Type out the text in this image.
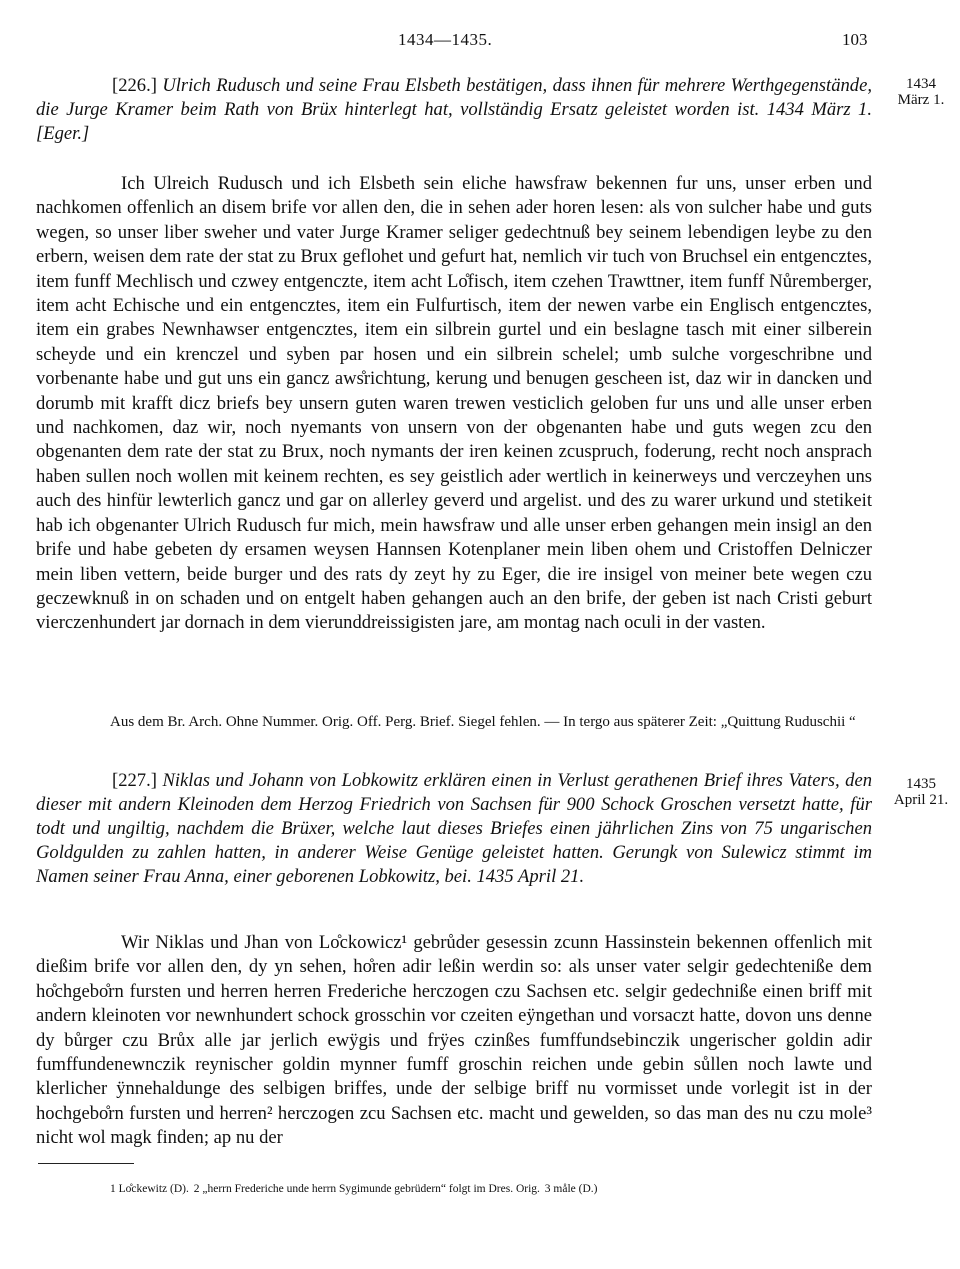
1434—1435.	103
[226.] Ulrich Rudusch und seine Frau Elsbeth bestätigen, dass ihnen für mehrere Werthgegenstände, die Jurge Kramer beim Rath von Brüx hinterlegt hat, vollständig Ersatz geleistet worden ist. 1434 März 1. [Eger.]
1434
März 1.
Ich Ulreich Rudusch und ich Elsbeth sein eliche hawsfraw bekennen fur uns, unser erben und nachkomen offenlich an disem brife vor allen den, die in sehen ader horen lesen: als von sulcher habe und guts wegen, so unser liber sweher und vater Jurge Kramer seliger gedechtnuß bey seinem lebendigen leybe zu den erbern, weisen dem rate der stat zu Brux geflohet und gefurt hat, nemlich vir tuch von Bruchsel ein entgencztes, item funff Mechlisch und czwey entgenczte, item acht Lo̊fisch, item czehen Trawttner, item funff Nůremberger, item acht Echische und ein entgencztes, item ein Fulfurtisch, item der newen varbe ein Englisch entgencztes, item ein grabes Newnhawser entgencztes, item ein silbrein gurtel und ein beslagne tasch mit einer silberein scheyde und ein krenczel und syben par hosen und ein silbrein schelel; umb sulche vorgeschribne und vorbenante habe und gut uns ein gancz aws̊richtung, kerung und benugen gescheen ist, daz wir in dancken und dorumb mit krafft dicz briefs bey unsern guten waren trewen vesticlich geloben fur uns und alle unser erben und nachkomen, daz wir, noch nyemants von unsern von der obgenanten habe und guts wegen zcu den obgenanten dem rate der stat zu Brux, noch nymants der iren keinen zcuspruch, foderung, recht noch ansprach haben sullen noch wollen mit keinem rechten, es sey geistlich ader wertlich in keinerweys und verczeyhen uns auch des hinfür lewterlich gancz und gar on allerley geverd und argelist. und des zu warer urkund und stetikeit hab ich obgenanter Ulrich Rudusch fur mich, mein hawsfraw und alle unser erben gehangen mein insigl an den brife und habe gebeten dy ersamen weysen Hannsen Kotenplaner mein liben ohem und Cristoffen Delniczer mein liben vettern, beide burger und des rats dy zeyt hy zu Eger, die ire insigel von meiner bete wegen czu geczewknuß in on schaden und on entgelt haben gehangen auch an den brife, der geben ist nach Cristi geburt vierczenhundert jar dornach in dem vierunddreissigisten jare, am montag nach oculi in der vasten.
Aus dem Br. Arch. Ohne Nummer. Orig. Off. Perg. Brief. Siegel fehlen. — In tergo aus späterer Zeit: „Quittung Ruduschii “
[227.] Niklas und Johann von Lobkowitz erklären einen in Verlust gerathenen Brief ihres Vaters, den dieser mit andern Kleinoden dem Herzog Friedrich von Sachsen für 900 Schock Groschen versetzt hatte, für todt und ungiltig, nachdem die Brüxer, welche laut dieses Briefes einen jährlichen Zins von 75 ungarischen Goldgulden zu zahlen hatten, in anderer Weise Genüge geleistet hatten. Gerungk von Sulewicz stimmt im Namen seiner Frau Anna, einer geborenen Lobkowitz, bei. 1435 April 21.
1435
April 21.
Wir Niklas und Jhan von Lo̊ckowicz¹ gebrůder gesessin zcunn Hassinstein bekennen offenlich mit dießim brife vor allen den, dy yn sehen, ho̊ren adir leßin werdin so: als unser vater selgir gedechteniße dem ho̊chgebo̊rn fursten und herren herren Frederiche herczogen czu Sachsen etc. selgir gedechniße einen briff mit andern kleinoten vor newnhundert schock grosschin vor czeiten eÿngethan und vorsaczt hatte, dovon uns denne dy bůrger czu Brůx alle jar jerlich ewÿgis und frÿes czinßes fumffundsebinczik ungerischer goldin adir fumffundenewnczik reynischer goldin mynner fumff groschin reichen unde gebin sůllen noch lawte und klerlicher ÿnnehaldunge des selbigen briffes, unde der selbige briff nu vormisset unde vorlegit ist in der hochgebo̊rn fursten und herren² herczogen zcu Sachsen etc. macht und gewelden, so das man des nu czu mole³ nicht wol magk finden; ap nu der
1 Lo̊ckewitz (D). 2 „herrn Frederiche unde herrn Sygimunde gebrüdern“ folgt im Dres. Orig. 3 måle (D.)
